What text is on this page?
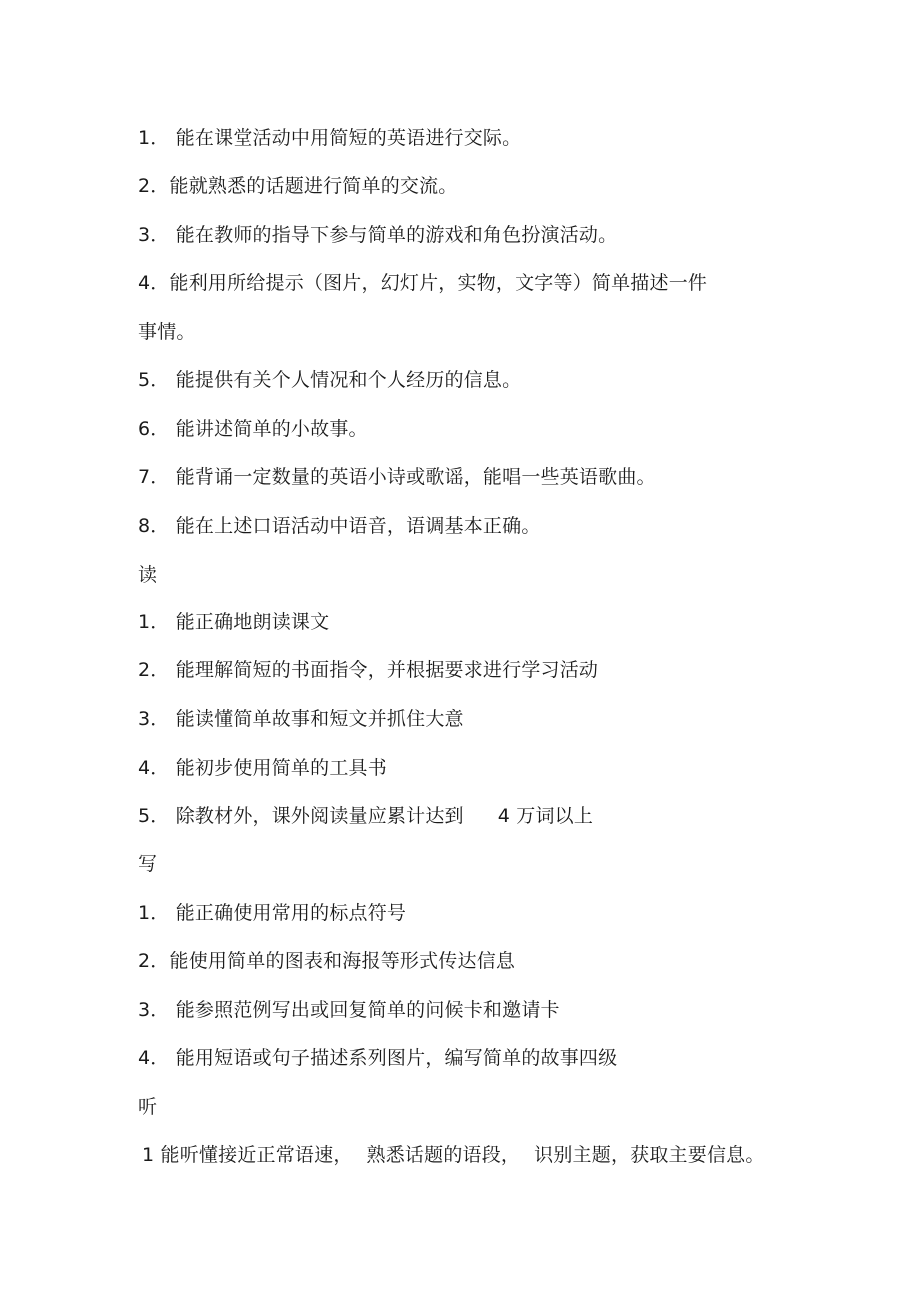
1． 能在课堂活动中用简短的英语进行交际。
2．能就熟悉的话题进行简单的交流。
3． 能在教师的指导下参与简单的游戏和角色扮演活动。
4．能利用所给提示（图片，幻灯片，实物，文字等）简单描述一件
事情。
5． 能提供有关个人情况和个人经历的信息。
6． 能讲述简单的小故事。
7． 能背诵一定数量的英语小诗或歌谣，能唱一些英语歌曲。
8． 能在上述口语活动中语音，语调基本正确。
读
1． 能正确地朗读课文
2． 能理解简短的书面指令，并根据要求进行学习活动
3． 能读懂简单故事和短文并抓住大意
4． 能初步使用简单的工具书
5． 除教材外，课外阅读量应累计达到 4 万词以上
写
1． 能正确使用常用的标点符号
2．能使用简单的图表和海报等形式传达信息
3． 能参照范例写出或回复简单的问候卡和邀请卡
4． 能用短语或句子描述系列图片，编写简单的故事四级
听
1 能听懂接近正常语速， 熟悉话题的语段， 识别主题，获取主要信息。
